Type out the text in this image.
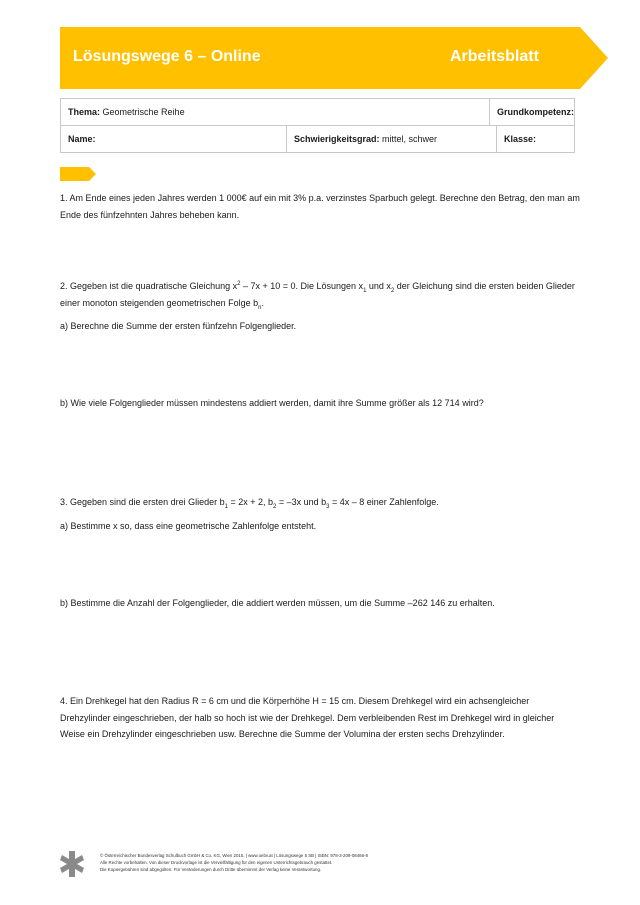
Lösungswege 6 – Online	Arbeitsblatt
Thema: Geometrische Reihe		Grundkompetenz:	
Name:	Schwierigkeitsgrad: mittel, schwer		Klasse:

1. Am Ende eines jeden Jahres werden 1 000€ auf ein mit 3% p.a. verzinstes Sparbuch gelegt. Berechne den Betrag, den man am Ende des fünfzehnten Jahres beheben kann.

2. Gegeben ist die quadratische Gleichung $x^2 - 7x + 10 = 0$. Die Lösungen $x_1$ und $x_2$ der Gleichung sind die ersten beiden Glieder einer monoton steigenden geometrischen Folge $b_n$.

a) Berechne die Summe der ersten fünfzehn Folgenglieder.

b) Wie viele Folgenglieder müssen mindestens addiert werden, damit ihre Summe größer als 12 714 wird?

3. Gegeben sind die ersten drei Glieder $b_1 = 2x + 2$, $b_2 = -3x$ und $b_3 = 4x - 8$ einer Zahlenfolge.

a) Bestimme x so, dass eine geometrische Zahlenfolge entsteht.

b) Bestimme die Anzahl der Folgenglieder, die addiert werden müssen, um die Summe –262 146 zu erhalten.

4. Ein Drehkegel hat den Radius R = 6 cm und die Körperhöhe H = 15 cm. Diesem Drehkegel wird ein achsengleicher Drehzylinder eingeschrieben, der halb so hoch ist wie der Drehkegel. Dem verbleibenden Rest im Drehkegel wird in gleicher Weise ein Drehzylinder eingeschrieben usw. Berechne die Summe der Volumina der ersten sechs Drehzylinder.

© Österreichischer Bundesverlag Schulbuch GmbH & Co. KG, Wien 2015. | www.oebv.at | Lösungswege 5 SB | ISBN: 978-3-209-08466-8
Alle Rechte vorbehalten. Von dieser Druckvorlage ist die Vervielfältigung für den eigenen Unterrichtsgebrauch gestattet.
Die Kopiergebühren sind abgegolten. Für Veränderungen durch Dritte übernimmt der Verlag keine Verantwortung.
